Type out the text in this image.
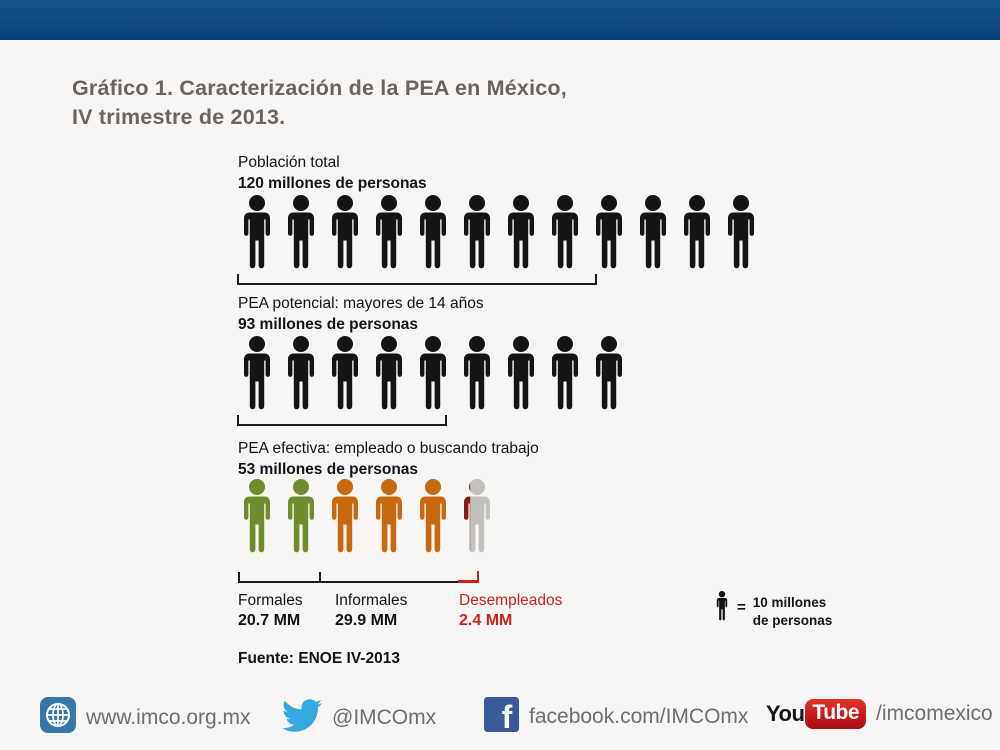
Gráfico 1. Caracterización de la PEA en México,
IV trimestre de 2013.
Población total
120 millones de personas
PEA potencial: mayores de 14 años
93 millones de personas
PEA efectiva: empleado o buscando trabajo
53 millones de personas
Formales
20.7 MM
Informales
29.9 MM
Desempleados
2.4 MM
= 10 millones
de personas
Fuente: ENOE IV-2013
www.imco.org.mx	@IMCOmx f facebook.com/IMCOmx You Tube /imcomexico
